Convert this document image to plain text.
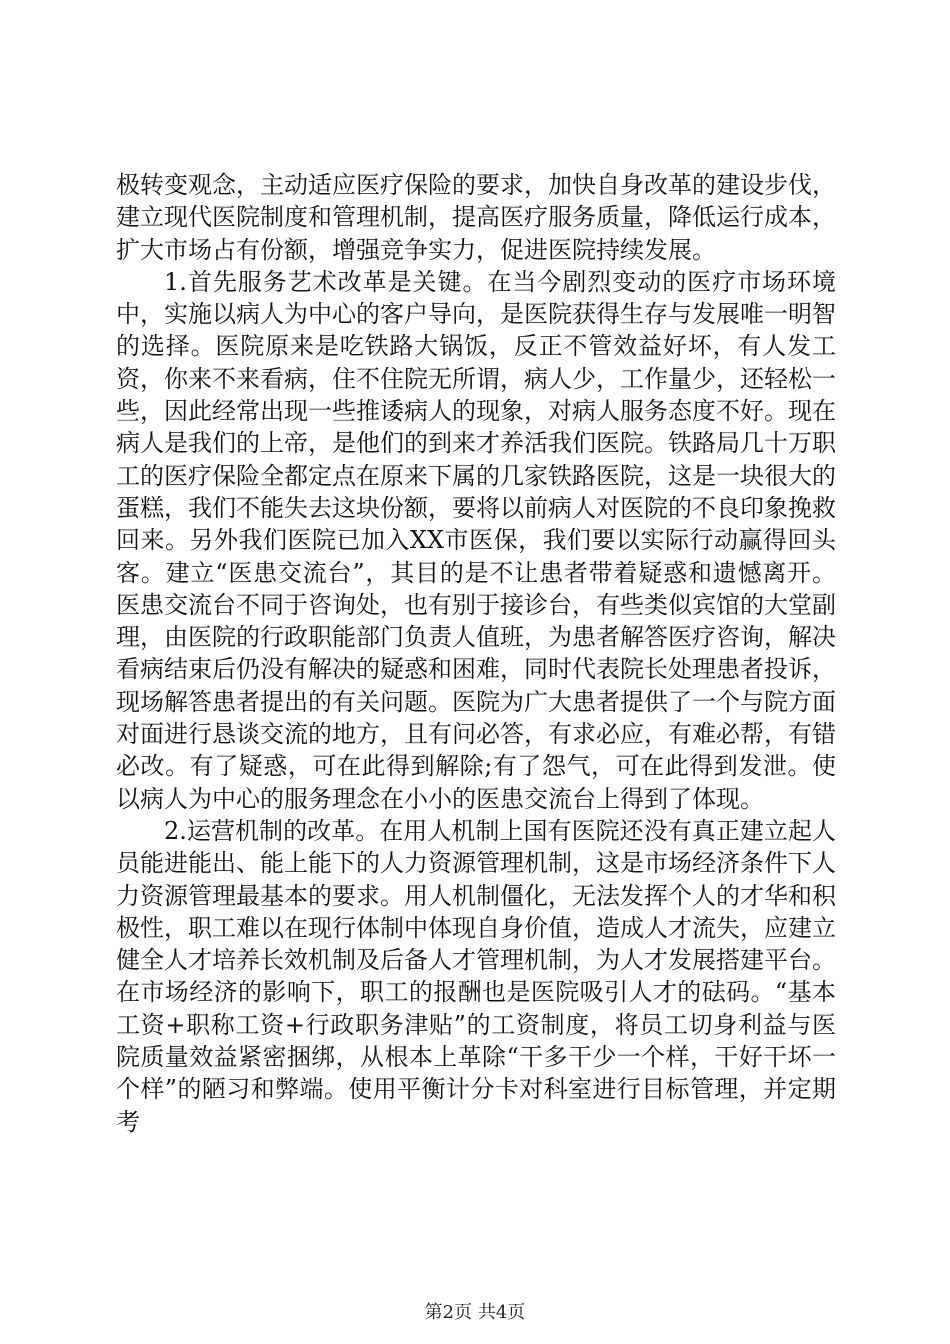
极转变观念，主动适应医疗保险的要求，加快自身改革的建设步伐，建立现代医院制度和管理机制，提高医疗服务质量，降低运行成本，扩大市场占有份额，增强竞争实力，促进医院持续发展。

1.首先服务艺术改革是关键。在当今剧烈变动的医疗市场环境中，实施以病人为中心的客户导向，是医院获得生存与发展唯一明智的选择。医院原来是吃铁路大锅饭，反正不管效益好坏，有人发工资，你来不来看病，住不住院无所谓，病人少，工作量少，还轻松一些，因此经常出现一些推诿病人的现象，对病人服务态度不好。现在病人是我们的上帝，是他们的到来才养活我们医院。铁路局几十万职工的医疗保险全都定点在原来下属的几家铁路医院，这是一块很大的蛋糕，我们不能失去这块份额，要将以前病人对医院的不良印象挽救回来。另外我们医院已加入XX市医保，我们要以实际行动赢得回头客。建立“医患交流台”，其目的是不让患者带着疑惑和遗憾离开。医患交流台不同于咨询处，也有别于接诊台，有些类似宾馆的大堂副理，由医院的行政职能部门负责人值班，为患者解答医疗咨询，解决看病结束后仍没有解决的疑惑和困难，同时代表院长处理患者投诉，现场解答患者提出的有关问题。医院为广大患者提供了一个与院方面对面进行恳谈交流的地方，且有问必答，有求必应，有难必帮，有错必改。有了疑惑，可在此得到解除;有了怨气，可在此得到发泄。使以病人为中心的服务理念在小小的医患交流台上得到了体现。

2.运营机制的改革。在用人机制上国有医院还没有真正建立起人员能进能出、能上能下的人力资源管理机制，这是市场经济条件下人力资源管理最基本的要求。用人机制僵化，无法发挥个人的才华和积极性，职工难以在现行体制中体现自身价值，造成人才流失，应建立健全人才培养长效机制及后备人才管理机制，为人才发展搭建平台。在市场经济的影响下，职工的报酬也是医院吸引人才的砝码。“基本工资+职称工资+行政职务津贴”的工资制度，将员工切身利益与医院质量效益紧密捆绑，从根本上革除“干多干少一个样，干好干坏一个样”的陋习和弊端。使用平衡计分卡对科室进行目标管理，并定期考

第2页 共4页
